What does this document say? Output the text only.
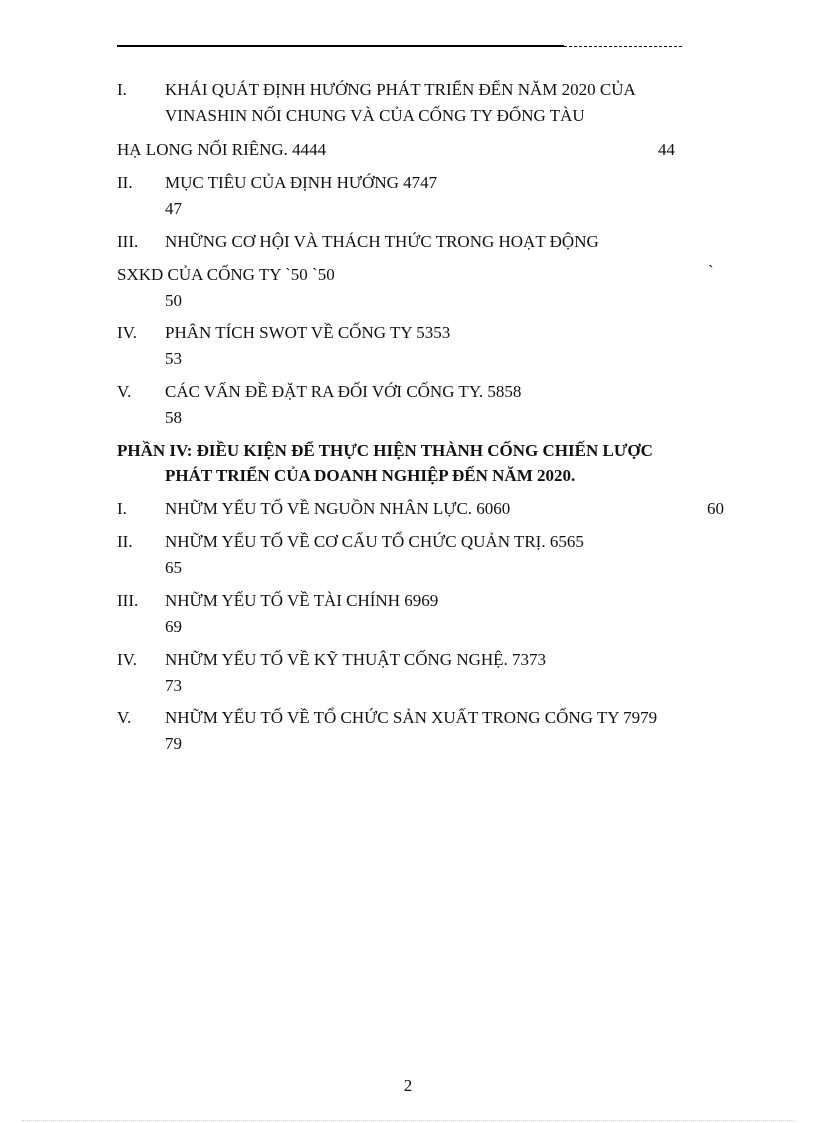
I. KHÁI QUÁT ĐỊNH HƯỚNG PHÁT TRIỂN ĐẾN NĂM 2020 CỦA
VINASHIN NỐI CHUNG VÀ CỦA CỐNG TY ĐỐNG TÀU
HẠ LONG NỐI RIÊNG. 4444	44
II. MỤC TIÊU CỦA ĐỊNH HƯỚNG 4747
47
III. NHỮNG CƠ HỘI VÀ THÁCH THỨC TRONG HOẠT ĐỘNG
SXKD CỦA CỐNG TY `50 `50	`
50
IV. PHÂN TÍCH SWOT VỀ CỐNG TY 5353
53
V. CÁC VẤN ĐỀ ĐẶT RA ĐỐI VỚI CỐNG TY. 5858
58
PHẦN IV: ĐIỀU KIỆN ĐỂ THỰC HIỆN THÀNH CỐNG CHIẾN LƯỢC
PHÁT TRIỂN CỦA DOANH NGHIỆP ĐẾN NĂM 2020.
I. NHỮM YẾU TỐ VỀ NGUỒN NHÂN LỰC. 6060	60
II. NHỮM YẾU TỐ VỀ CƠ CẤU TỔ CHỨC QUẢN TRỊ. 6565
65
III. NHỮM YẾU TỐ VỀ TÀI CHÍNH 6969
69
IV. NHỮM YẾU TỐ VỀ KỸ THUẬT CỐNG NGHỆ. 7373
73
V. NHỮM YẾU TỐ VỀ TỔ CHỨC SẢN XUẤT TRONG CỐNG TY 7979
79
2
